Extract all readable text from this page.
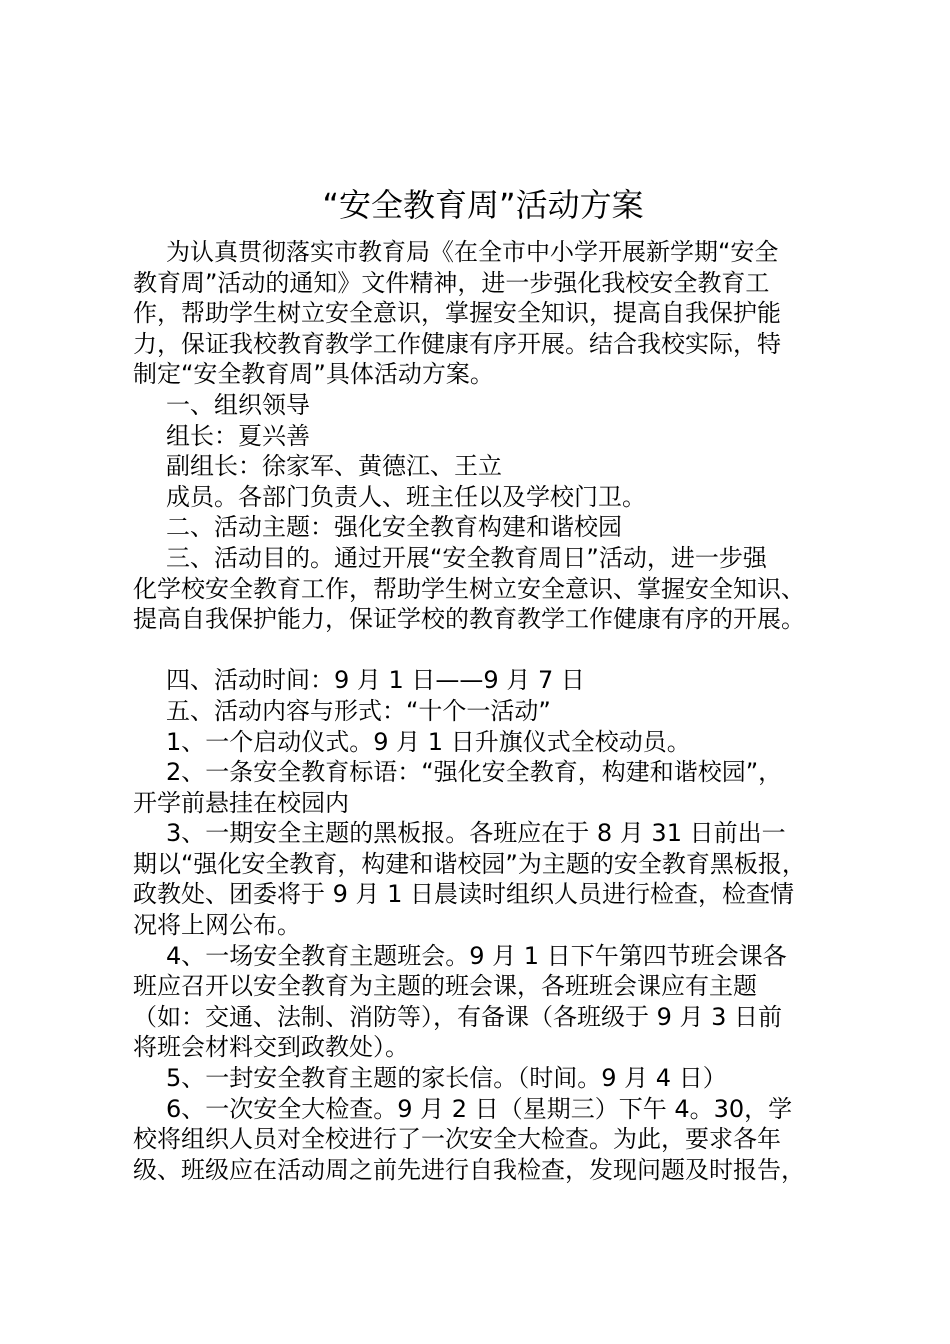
“安全教育周”活动方案
为认真贯彻落实市教育局《在全市中小学开展新学期“安全
教育周”活动的通知》文件精神，进一步强化我校安全教育工
作，帮助学生树立安全意识，掌握安全知识，提高自我保护能
力，保证我校教育教学工作健康有序开展。结合我校实际，特
制定“安全教育周”具体活动方案。
一、组织领导
组长：夏兴善
副组长：徐家军、黄德江、王立
成员。各部门负责人、班主任以及学校门卫。
二、活动主题：强化安全教育构建和谐校园
三、活动目的。通过开展“安全教育周日”活动，进一步强
化学校安全教育工作，帮助学生树立安全意识、掌握安全知识、
提高自我保护能力，保证学校的教育教学工作健康有序的开展。
四、活动时间：9 月 1 日——9 月 7 日
五、活动内容与形式：“十个一活动”
1、一个启动仪式。9 月 1 日升旗仪式全校动员。
2、一条安全教育标语：“强化安全教育，构建和谐校园”，
开学前悬挂在校园内
3、一期安全主题的黑板报。各班应在于 8 月 31 日前出一
期以“强化安全教育，构建和谐校园”为主题的安全教育黑板报，
政教处、团委将于 9 月 1 日晨读时组织人员进行检查，检查情
况将上网公布。
4、一场安全教育主题班会。9 月 1 日下午第四节班会课各
班应召开以安全教育为主题的班会课，各班班会课应有主题
（如：交通、法制、消防等），有备课（各班级于 9 月 3 日前
将班会材料交到政教处）。
5、一封安全教育主题的家长信。（时间。9 月 4 日）
6、一次安全大检查。9 月 2 日（星期三）下午 4。30，学
校将组织人员对全校进行了一次安全大检查。为此，要求各年
级、班级应在活动周之前先进行自我检查，发现问题及时报告，
